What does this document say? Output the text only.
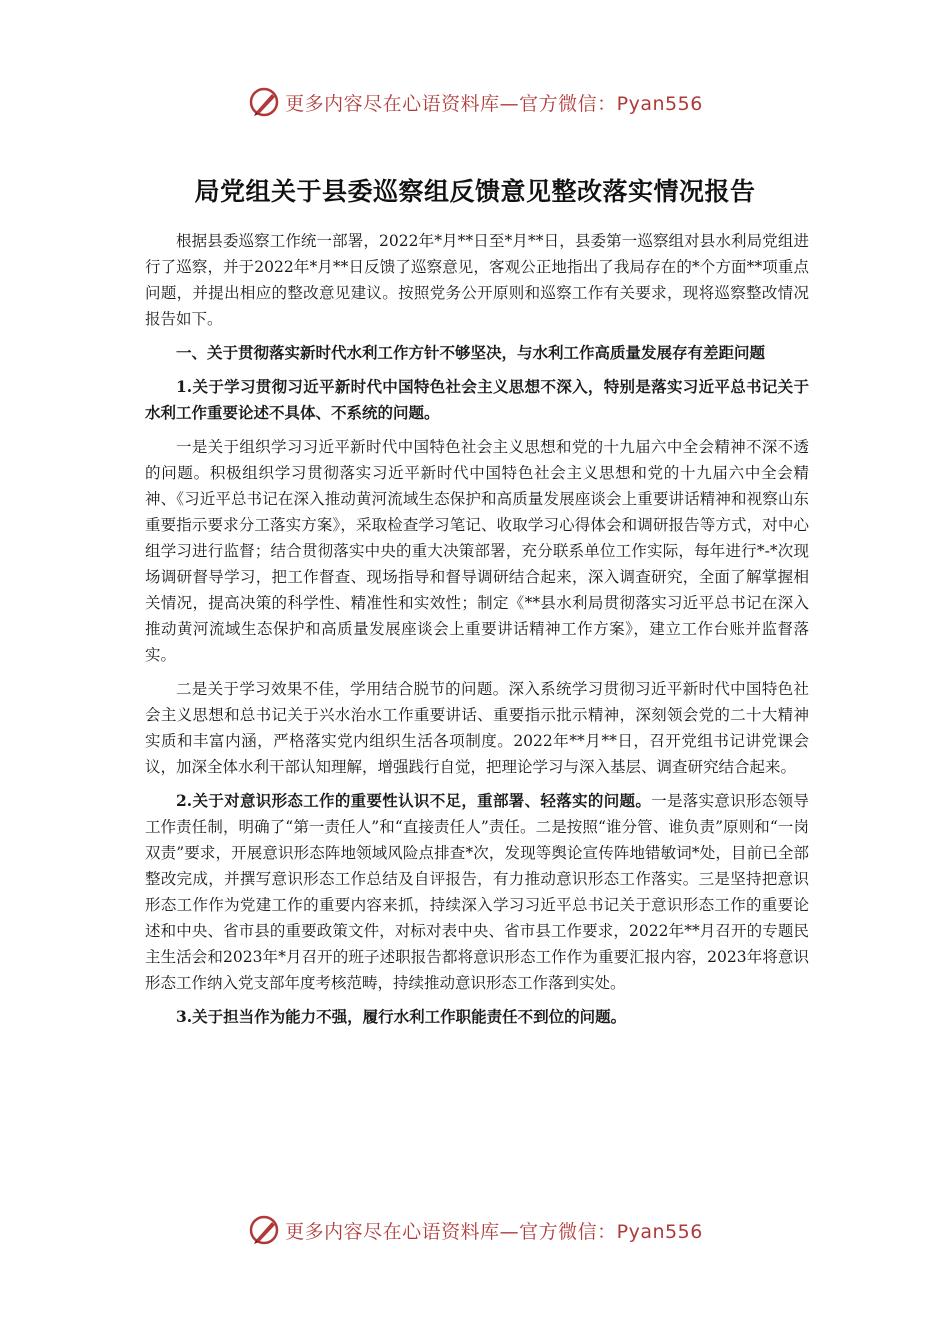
更多内容尽在心语资料库—官方微信：Pyan556
局党组关于县委巡察组反馈意见整改落实情况报告

根据县委巡察工作统一部署，2022年*月**日至*月**日，县委第一巡察组对县水利局党组进行了巡察，并于2022年*月**日反馈了巡察意见，客观公正地指出了我局存在的*个方面**项重点问题，并提出相应的整改意见建议。按照党务公开原则和巡察工作有关要求，现将巡察整改情况报告如下。

一、关于贯彻落实新时代水利工作方针不够坚决，与水利工作高质量发展存有差距问题

1.关于学习贯彻习近平新时代中国特色社会主义思想不深入，特别是落实习近平总书记关于水利工作重要论述不具体、不系统的问题。

一是关于组织学习习近平新时代中国特色社会主义思想和党的十九届六中全会精神不深不透的问题。积极组织学习贯彻落实习近平新时代中国特色社会主义思想和党的十九届六中全会精神、《习近平总书记在深入推动黄河流域生态保护和高质量发展座谈会上重要讲话精神和视察山东重要指示要求分工落实方案》，采取检查学习笔记、收取学习心得体会和调研报告等方式，对中心组学习进行监督；结合贯彻落实中央的重大决策部署，充分联系单位工作实际，每年进行*-*次现场调研督导学习，把工作督查、现场指导和督导调研结合起来，深入调查研究，全面了解掌握相关情况，提高决策的科学性、精准性和实效性；制定《**县水利局贯彻落实习近平总书记在深入推动黄河流域生态保护和高质量发展座谈会上重要讲话精神工作方案》，建立工作台账并监督落实。

二是关于学习效果不佳，学用结合脱节的问题。深入系统学习贯彻习近平新时代中国特色社会主义思想和总书记关于兴水治水工作重要讲话、重要指示批示精神，深刻领会党的二十大精神实质和丰富内涵，严格落实党内组织生活各项制度。2022年**月**日，召开党组书记讲党课会议，加深全体水利干部认知理解，增强践行自觉，把理论学习与深入基层、调查研究结合起来。

2.关于对意识形态工作的重要性认识不足，重部署、轻落实的问题。一是落实意识形态领导工作责任制，明确了“第一责任人”和“直接责任人”责任。二是按照“谁分管、谁负责”原则和“一岗双责”要求，开展意识形态阵地领域风险点排查*次，发现等舆论宣传阵地错敏词*处，目前已全部整改完成，并撰写意识形态工作总结及自评报告，有力推动意识形态工作落实。三是坚持把意识形态工作作为党建工作的重要内容来抓，持续深入学习习近平总书记关于意识形态工作的重要论述和中央、省市县的重要政策文件，对标对表中央、省市县工作要求，2022年**月召开的专题民主生活会和2023年*月召开的班子述职报告都将意识形态工作作为重要汇报内容，2023年将意识形态工作纳入党支部年度考核范畴，持续推动意识形态工作落到实处。

3.关于担当作为能力不强，履行水利工作职能责任不到位的问题。

更多内容尽在心语资料库—官方微信：Pyan556
